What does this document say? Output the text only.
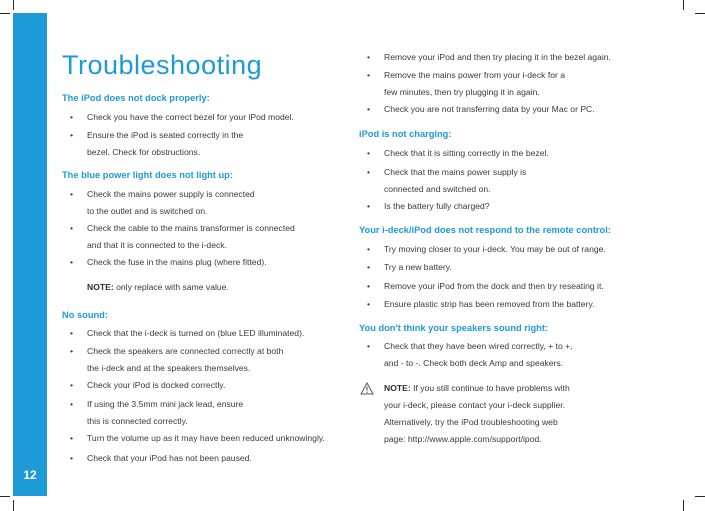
12
Troubleshooting
The iPod does not dock properly:
• Check you have the correct bezel for your iPod model.
• Ensure the iPod is seated correctly in the
bezel. Check for obstructions.
The blue power light does not light up:
• Check the mains power supply is connected
to the outlet and is switched on.
• Check the cable to the mains transformer is connected
and that it is connected to the i-deck.
• Check the fuse in the mains plug (where fitted).
NOTE: only replace with same value.
No sound:
• Check that the i-deck is turned on (blue LED illuminated).
• Check the speakers are connected correctly at both
the i-deck and at the speakers themselves.
• Check your iPod is docked correctly.
• If using the 3.5mm mini jack lead, ensure
this is connected correctly.
• Turn the volume up as it may have been reduced unknowingly.
• Check that your iPod has not been paused.
• Remove your iPod and then try placing it in the bezel again.
• Remove the mains power from your i-deck for a
few minutes, then try plugging it in again.
• Check you are not transferring data by your Mac or PC.
iPod is not charging:
• Check that it is sitting correctly in the bezel.
• Check that the mains power supply is
connected and switched on.
• Is the battery fully charged?
Your i-deck/iPod does not respond to the remote control:
• Try moving closer to your i-deck. You may be out of range.
• Try a new battery.
• Remove your iPod from the dock and then try reseating it.
• Ensure plastic strip has been removed from the battery.
You don't think your speakers sound right:
• Check that they have been wired correctly, + to +,
and - to -. Check both deck Amp and speakers.
NOTE: If you still continue to have problems with
your i-deck, please contact your i-deck supplier.
Alternatively, try the iPod troubleshooting web
page: http://www.apple.com/support/ipod.
